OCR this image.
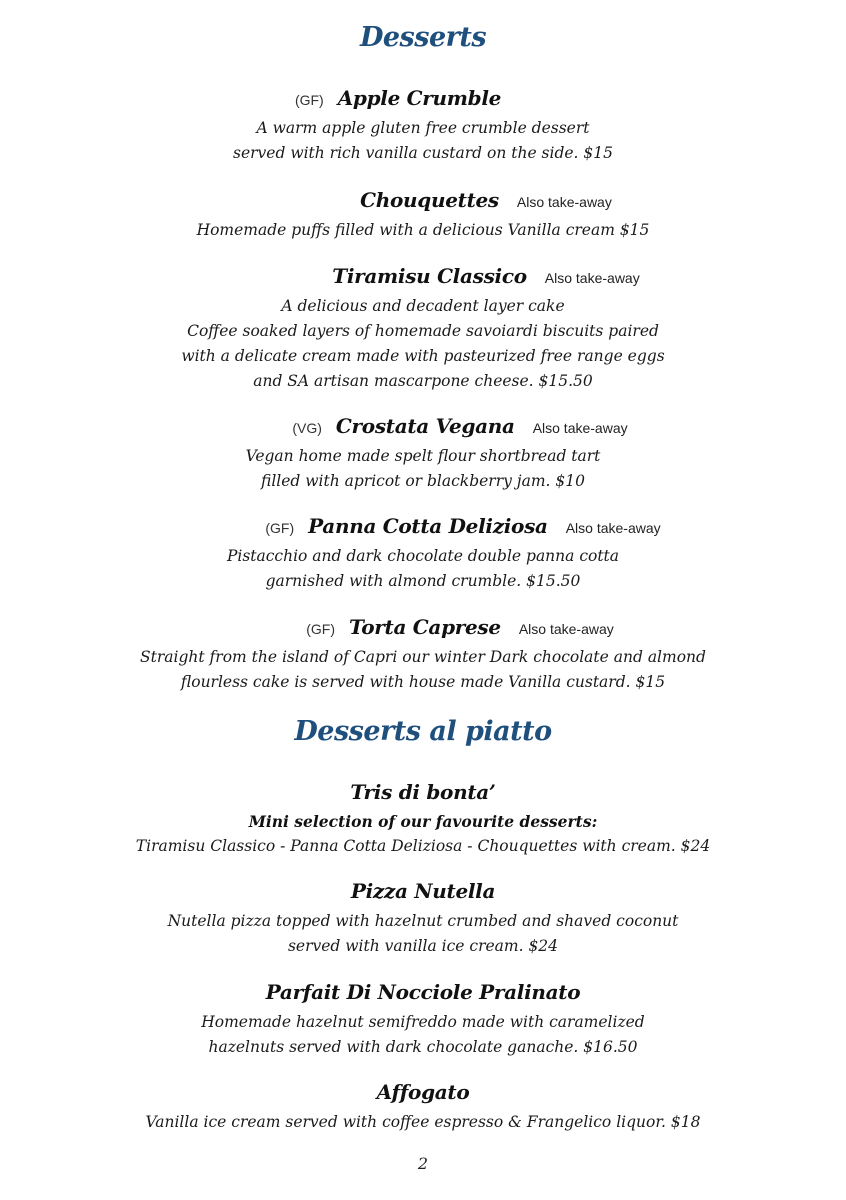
Desserts
(GF) Apple Crumble
A warm apple gluten free crumble dessert
served with rich vanilla custard on the side. $15
Chouquettes Also take-away
Homemade puffs filled with a delicious Vanilla cream $15
Tiramisu Classico Also take-away
A delicious and decadent layer cake
Coffee soaked layers of homemade savoiardi biscuits paired
with a delicate cream made with pasteurized free range eggs
and SA artisan mascarpone cheese. $15.50
(VG) Crostata Vegana Also take-away
Vegan home made spelt flour shortbread tart
filled with apricot or blackberry jam. $10
(GF) Panna Cotta Deliziosa Also take-away
Pistacchio and dark chocolate double panna cotta
garnished with almond crumble. $15.50
(GF) Torta Caprese Also take-away
Straight from the island of Capri our winter Dark chocolate and almond
flourless cake is served with house made Vanilla custard. $15
Desserts al piatto
Tris di bonta’
Mini selection of our favourite desserts:
Tiramisu Classico - Panna Cotta Deliziosa - Chouquettes with cream. $24
Pizza Nutella
Nutella pizza topped with hazelnut crumbed and shaved coconut
served with vanilla ice cream. $24
Parfait Di Nocciole Pralinato
Homemade hazelnut semifreddo made with caramelized
hazelnuts served with dark chocolate ganache. $16.50
Affogato
Vanilla ice cream served with coffee espresso & Frangelico liquor. $18
2
